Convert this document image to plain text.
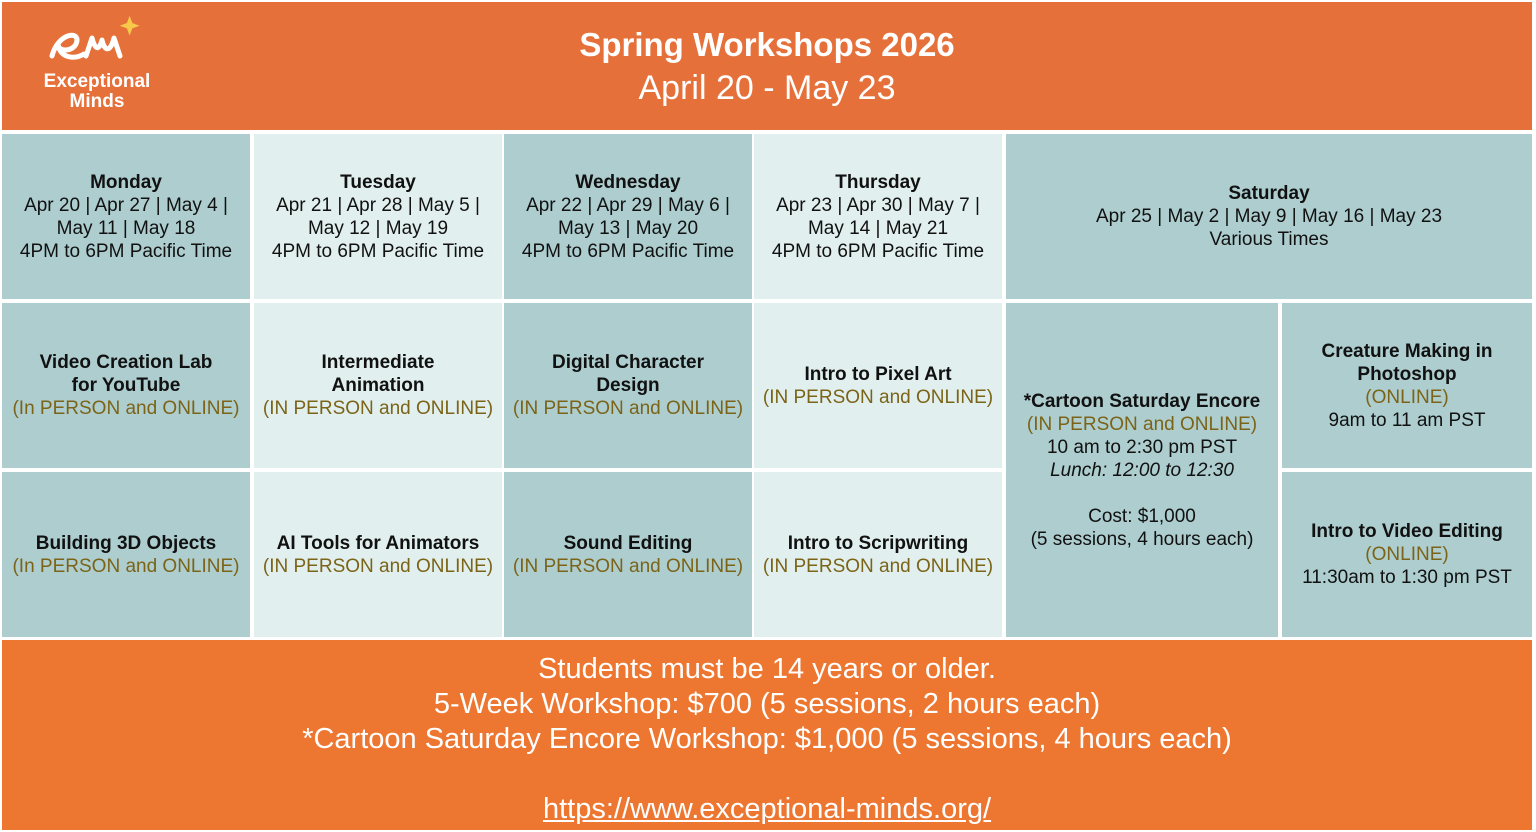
Exceptional
Minds
Spring Workshops 2026
April 20 - May 23
Monday
Apr 20 | Apr 27 | May 4 |
May 11 | May 18
4PM to 6PM Pacific Time
Tuesday
Apr 21 | Apr 28 | May 5 |
May 12 | May 19
4PM to 6PM Pacific Time
Wednesday
Apr 22 | Apr 29 | May 6 |
May 13 | May 20
4PM to 6PM Pacific Time
Thursday
Apr 23 | Apr 30 | May 7 |
May 14 | May 21
4PM to 6PM Pacific Time
Saturday
Apr 25 | May 2 | May 9 | May 16 | May 23
Various Times
Video Creation Lab
for YouTube
(In PERSON and ONLINE)
Intermediate
Animation
(IN PERSON and ONLINE)
Digital Character
Design
(IN PERSON and ONLINE)
Intro to Pixel Art
(IN PERSON and ONLINE) *Cartoon Saturday Encore
(IN PERSON and ONLINE)
10 am to 2:30 pm PST
Lunch: 12:00 to 12:30
Cost: $1,000
(5 sessions, 4 hours each)
Creature Making in
Photoshop
(ONLINE)
9am to 11 am PST
Building 3D Objects
(In PERSON and ONLINE)
AI Tools for Animators
(IN PERSON and ONLINE)
Sound Editing
(IN PERSON and ONLINE)
Intro to Scripwriting
(IN PERSON and ONLINE)
Intro to Video Editing
(ONLINE)
11:30am to 1:30 pm PST
Students must be 14 years or older.
5-Week Workshop: $700 (5 sessions, 2 hours each)
*Cartoon Saturday Encore Workshop: $1,000 (5 sessions, 4 hours each)
https://www.exceptional-minds.org/
